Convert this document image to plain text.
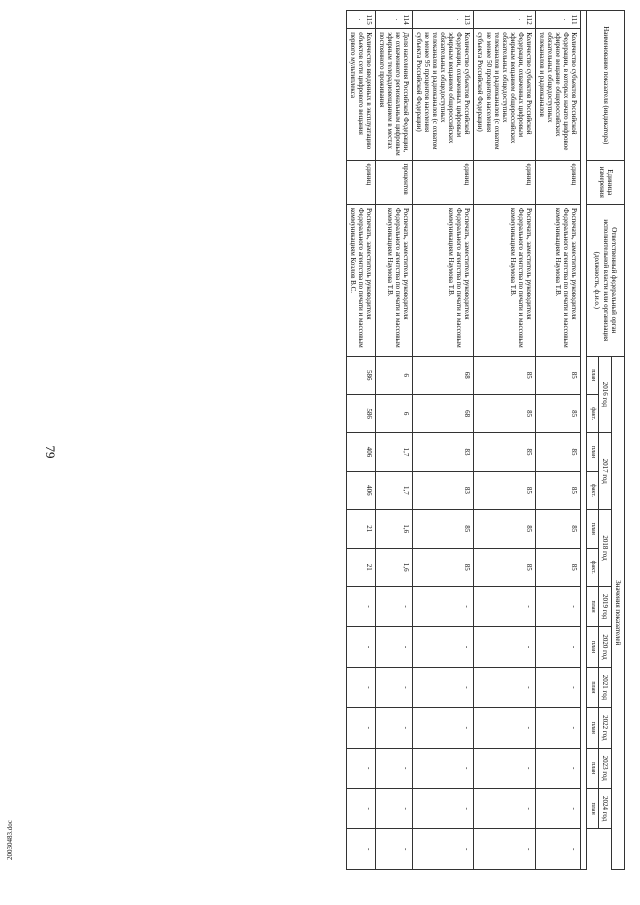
79
20030483.doc
Наименование показателя (индикатора)		Единица измерения	Ответственный федеральный орган исполнительной власти или организация (должность, ф.и.о.)	Значения показателей												
				2016 год		2017 год		2018 год		2019 год	2020 год	2021 год	2022 год	2023 год	2024 год	
				план	факт.	план	факт.	план	факт.	план	план	план	план	план	план	

111.	Количество субъектов Российской Федерации, в которых начато цифровое эфирное вещание общероссийских обязательных общедоступных телеканалов и радиоканалов	единиц	Роспечать, заместитель руководителя Федерального агентства по печати и массовым коммуникациям Наумова Т.В.	85	85	85	85	85	85	-	-	-	-	-	-	-
112.	Количество субъектов Российской Федерации, охваченных цифровым эфирным вещанием общероссийских обязательных общедоступных телеканалов и радиоканалов (с охватом не менее 50 процентов населения субъекта Российской Федерации)	единиц	Роспечать, заместитель руководителя Федерального агентства по печати и массовым коммуникациям Наумова Т.В.	85	85	85	85	85	85	-	-	-	-	-	-	-
113.	Количество субъектов Российской Федерации, охваченных цифровым эфирным вещанием общероссийских обязательных общедоступных телеканалов и радиоканалов (с охватом не менее 95 процентов населения субъекта Российской Федерации)	единиц	Роспечать, заместитель руководителя Федерального агентства по печати и массовым коммуникациям Наумова Т.В.	68	68	83	83	85	85	-	-	-	-	-	-	-
114.	Доля населения Российской Федерации, не охваченного региональным цифровым эфирным телерадиовещанием в местах постоянного проживания	процентов	Роспечать, заместитель руководителя Федерального агентства по печати и массовым коммуникациям Наумова Т.В.	6	6	1,7	1,7	1,6	1,6	-	-	-	-	-	-	-
115.	Количество введенных в эксплуатацию объектов сети цифрового вещания первого мультиплекса	единиц	Роспечать, заместитель руководителя Федерального агентства по печати и массовым коммуникациям Козлов В.С.	586	586	406	406	21	21	-	-	-	-	-	-	-
